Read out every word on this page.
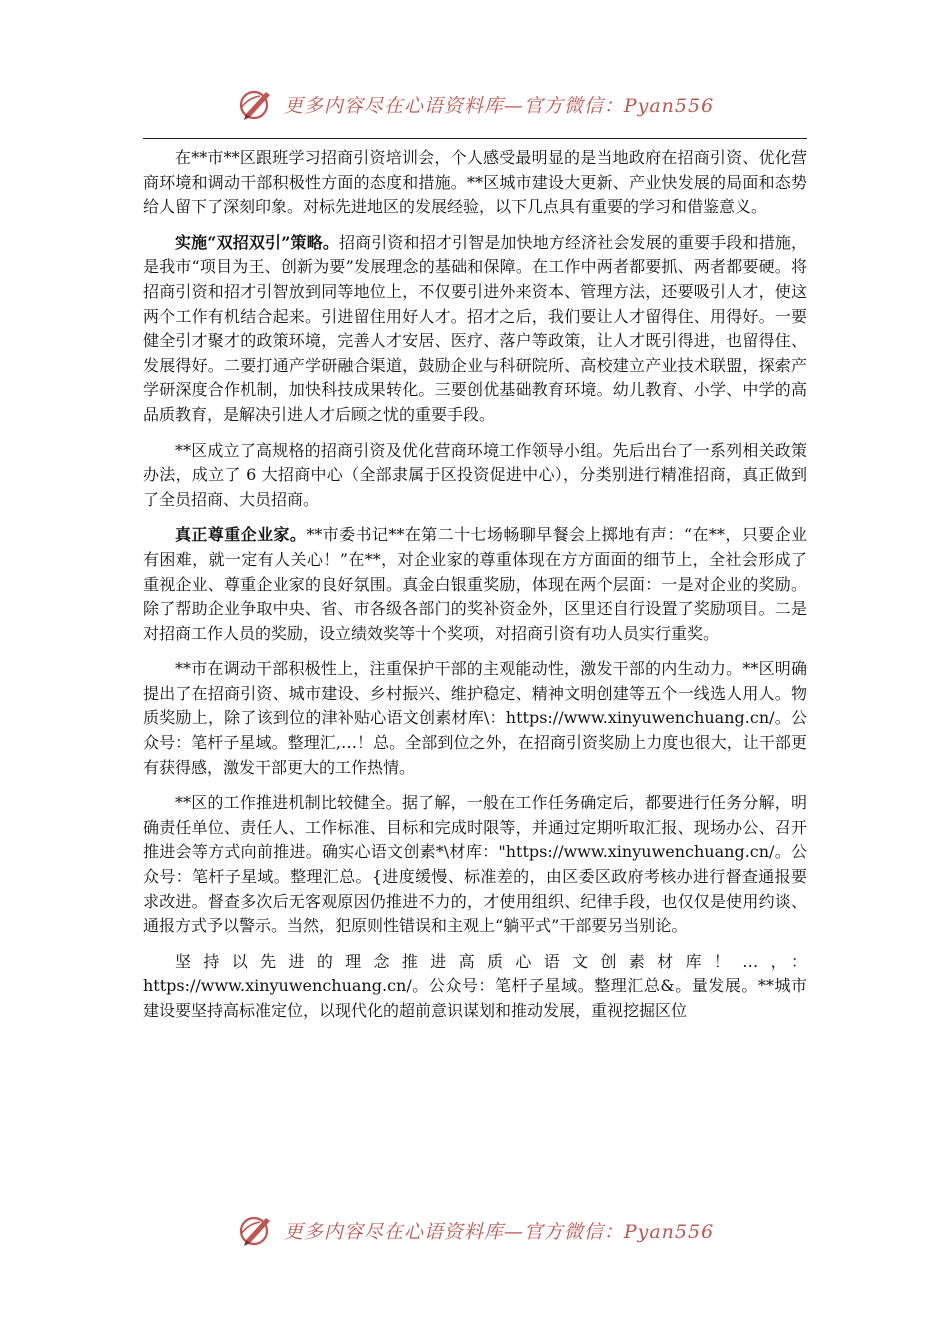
更多内容尽在心语资料库—官方微信：Pyan556

在**市**区跟班学习招商引资培训会，个人感受最明显的是当地政府在招商引资、优化营商环境和调动干部积极性方面的态度和措施。**区城市建设大更新、产业快发展的局面和态势给人留下了深刻印象。对标先进地区的发展经验，以下几点具有重要的学习和借鉴意义。

实施“双招双引”策略。招商引资和招才引智是加快地方经济社会发展的重要手段和措施，是我市“项目为王、创新为要”发展理念的基础和保障。在工作中两者都要抓、两者都要硬。将招商引资和招才引智放到同等地位上，不仅要引进外来资本、管理方法，还要吸引人才，使这两个工作有机结合起来。引进留住用好人才。招才之后，我们要让人才留得住、用得好。一要健全引才聚才的政策环境，完善人才安居、医疗、落户等政策，让人才既引得进，也留得住、发展得好。二要打通产学研融合渠道，鼓励企业与科研院所、高校建立产业技术联盟，探索产学研深度合作机制，加快科技成果转化。三要创优基础教育环境。幼儿教育、小学、中学的高品质教育，是解决引进人才后顾之忧的重要手段。

**区成立了高规格的招商引资及优化营商环境工作领导小组。先后出台了一系列相关政策办法，成立了 6 大招商中心（全部隶属于区投资促进中心），分类别进行精准招商，真正做到了全员招商、大员招商。

真正尊重企业家。**市委书记**在第二十七场畅聊早餐会上掷地有声：“在**，只要企业有困难，就一定有人关心！”在**，对企业家的尊重体现在方方面面的细节上，全社会形成了重视企业、尊重企业家的良好氛围。真金白银重奖励，体现在两个层面：一是对企业的奖励。除了帮助企业争取中央、省、市各级各部门的奖补资金外，区里还自行设置了奖励项目。二是对招商工作人员的奖励，设立绩效奖等十个奖项，对招商引资有功人员实行重奖。

**市在调动干部积极性上，注重保护干部的主观能动性，激发干部的内生动力。**区明确提出了在招商引资、城市建设、乡村振兴、维护稳定、精神文明创建等五个一线选人用人。物质奖励上，除了该到位的津补贴心语文创素材库\：https://www.xinyuwenchuang.cn/。公众号：笔杆子星域。整理汇,…！总。全部到位之外，在招商引资奖励上力度也很大，让干部更有获得感，激发干部更大的工作热情。

**区的工作推进机制比较健全。据了解，一般在工作任务确定后，都要进行任务分解，明确责任单位、责任人、工作标准、目标和完成时限等，并通过定期听取汇报、现场办公、召开推进会等方式向前推进。确实心语文创素*\材库："https://www.xinyuwenchuang.cn/。公众号：笔杆子星域。整理汇总。{进度缓慢、标准差的，由区委区政府考核办进行督查通报要求改进。督查多次后无客观原因仍推进不力的，才使用组织、纪律手段，也仅仅是使用约谈、通报方式予以警示。当然，犯原则性错误和主观上“躺平式”干部要另当别论。

坚持以先进的理念推进高质心语文创素材库！…，：https://www.xinyuwenchuang.cn/。公众号：笔杆子星域。整理汇总&。量发展。**城市建设要坚持高标准定位，以现代化的超前意识谋划和推动发展，重视挖掘区位

更多内容尽在心语资料库—官方微信：Pyan556
